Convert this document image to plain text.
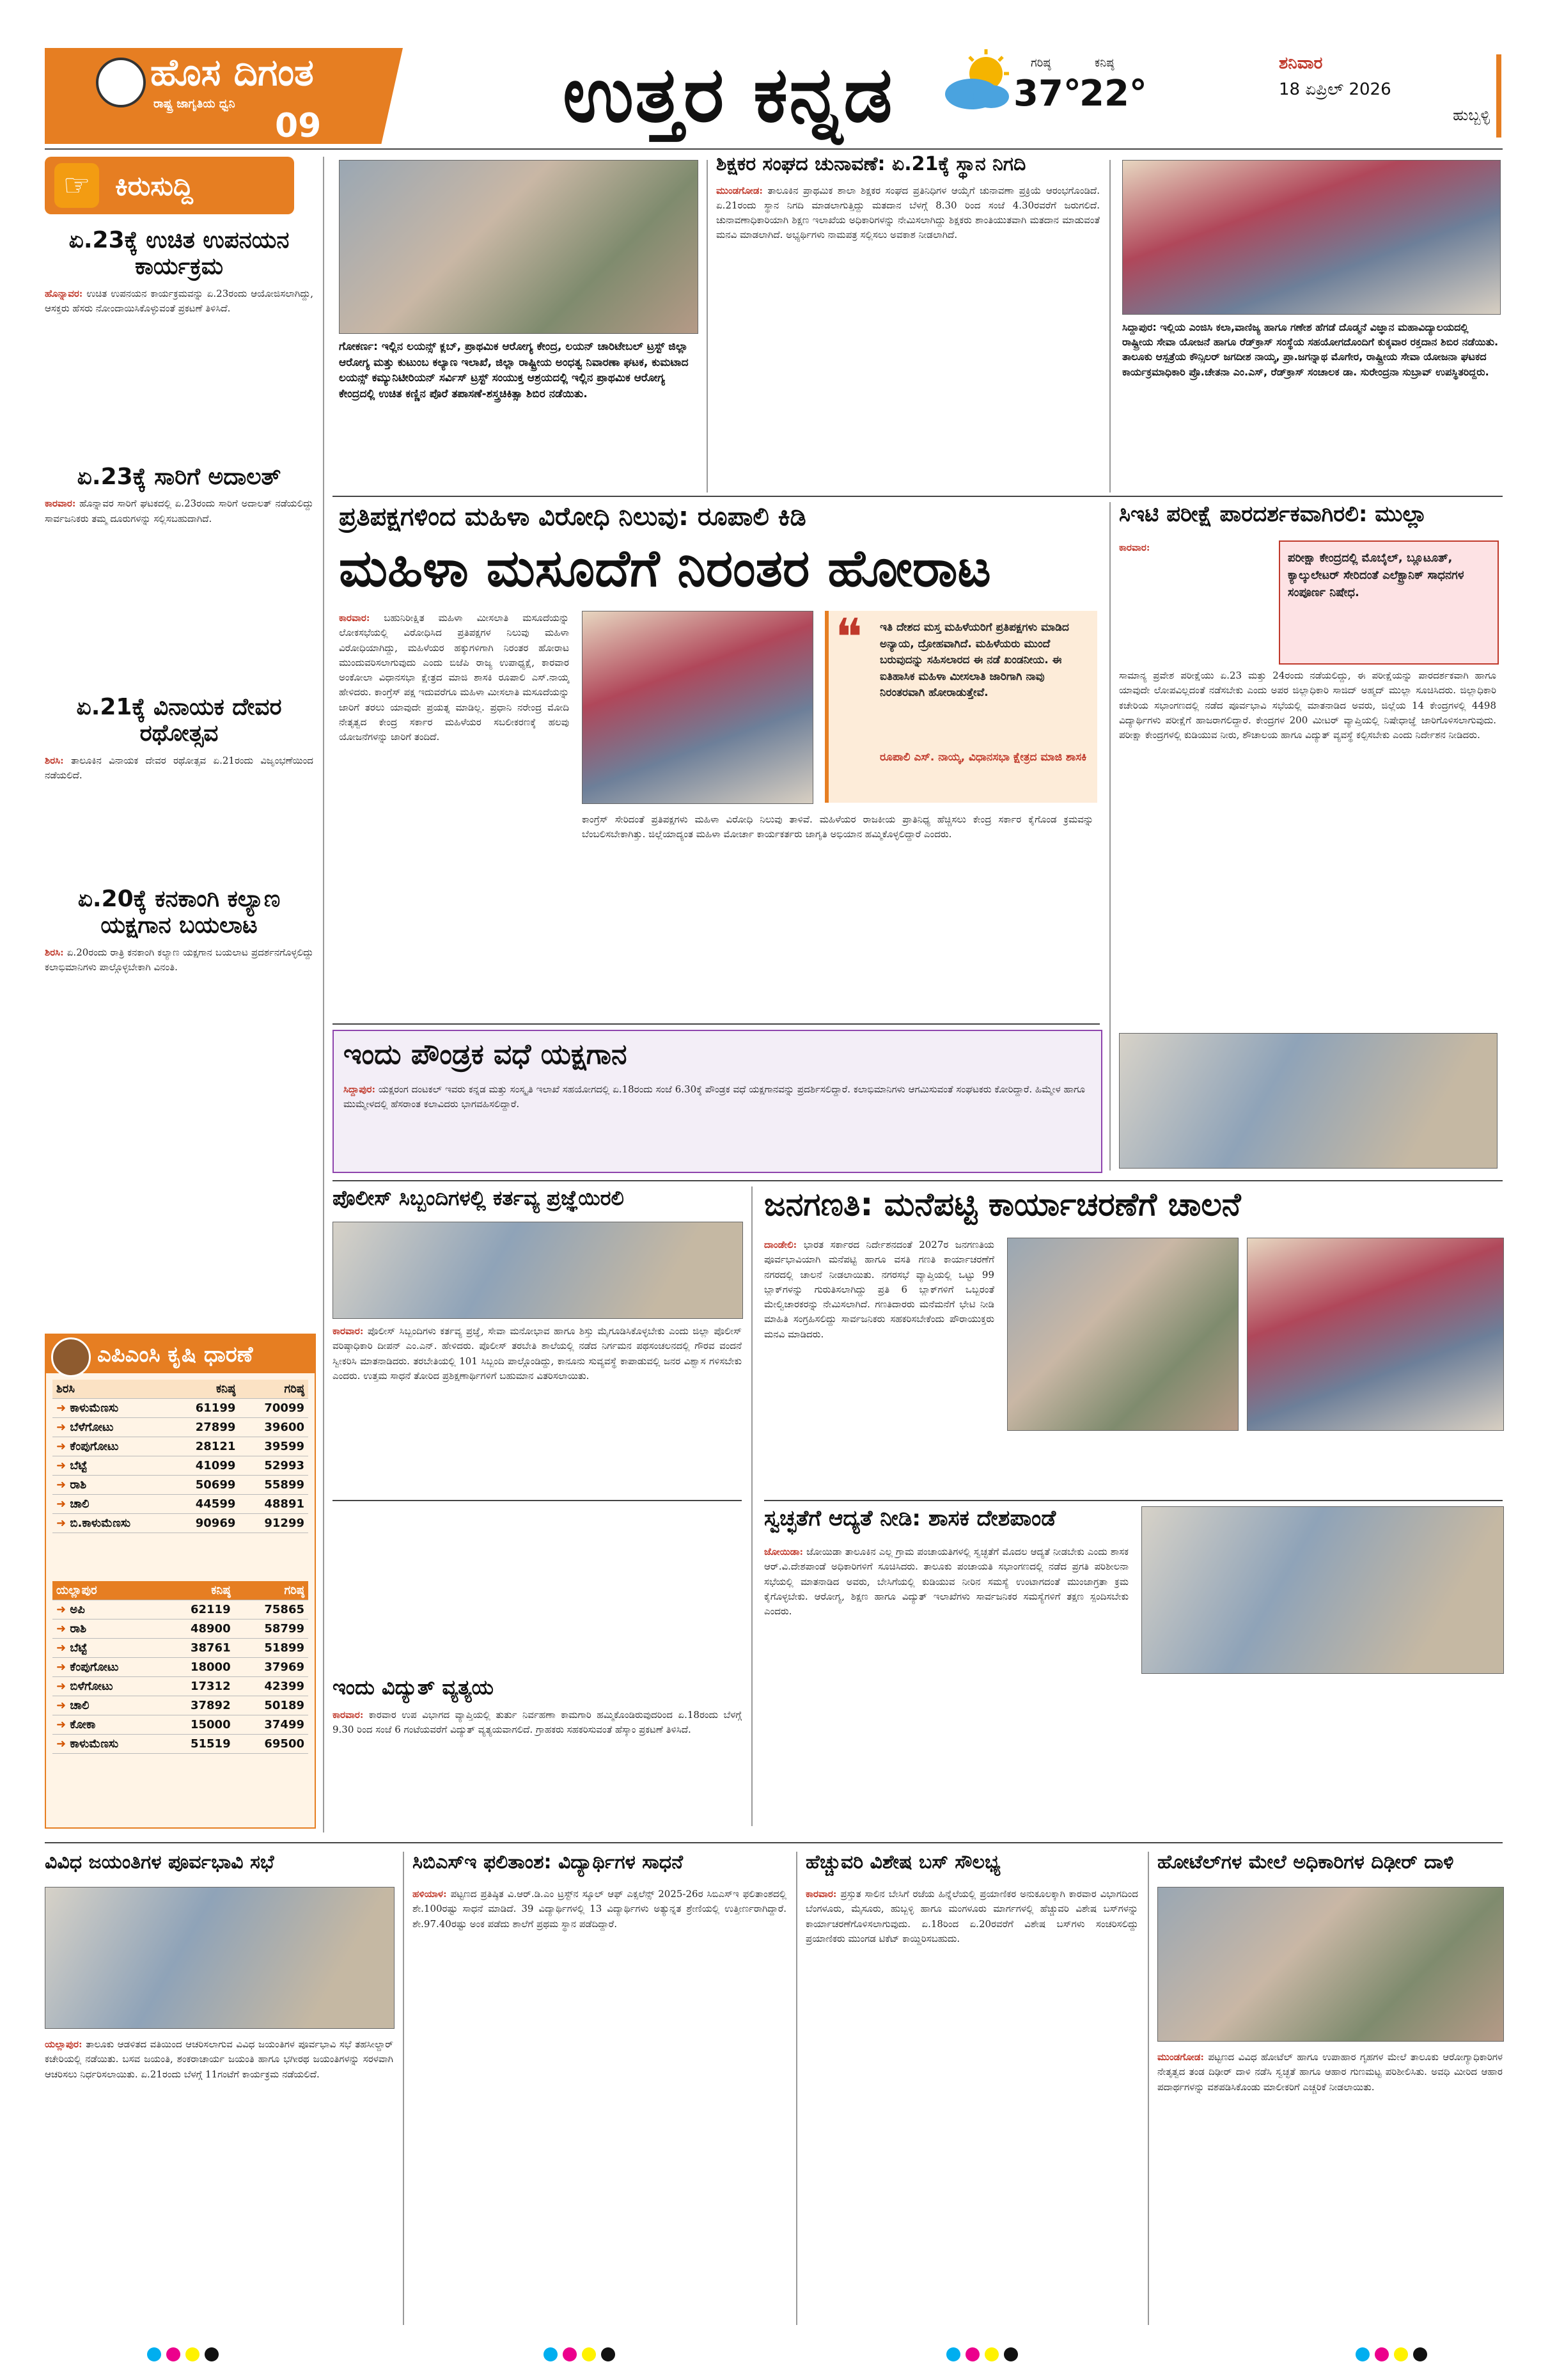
ಹೊಸ ದಿಗಂತ
ರಾಷ್ಟ್ರ ಜಾಗೃತಿಯ ಧ್ವನಿ
09	ಉತ್ತರ ಕನ್ನಡ	ಗರಿಷ್ಠ
37°
ಕನಿಷ್ಠ
22°
ಶನಿವಾರ
18 ಏಪ್ರಿಲ್ 2026
ಹುಬ್ಬಳ್ಳಿ
☞ ಕಿರುಸುದ್ದಿ
ಏ.23ಕ್ಕೆ ಉಚಿತ ಉಪನಯನ ಕಾರ್ಯಕ್ರಮ
ಹೊನ್ನಾವರ: ಉಚಿತ ಉಪನಯನ ಕಾರ್ಯಕ್ರಮವನ್ನು ಏ.23ರಂದು ಆಯೋಜಿಸಲಾಗಿದ್ದು, ಆಸಕ್ತರು ಹೆಸರು ನೋಂದಾಯಿಸಿಕೊಳ್ಳುವಂತೆ ಪ್ರಕಟಣೆ ತಿಳಿಸಿದೆ.
ಏ.23ಕ್ಕೆ ಸಾರಿಗೆ ಅದಾಲತ್
ಕಾರವಾರ: ಹೊನ್ನಾವರ ಸಾರಿಗೆ ಘಟಕದಲ್ಲಿ ಏ.23ರಂದು ಸಾರಿಗೆ ಅದಾಲತ್ ನಡೆಯಲಿದ್ದು ಸಾರ್ವಜನಿಕರು ತಮ್ಮ ದೂರುಗಳನ್ನು ಸಲ್ಲಿಸಬಹುದಾಗಿದೆ.
ಏ.21ಕ್ಕೆ ವಿನಾಯಕ ದೇವರ ರಥೋತ್ಸವ
ಶಿರಸಿ: ತಾಲೂಕಿನ ವಿನಾಯಕ ದೇವರ ರಥೋತ್ಸವ ಏ.21ರಂದು ವಿಜೃಂಭಣೆಯಿಂದ ನಡೆಯಲಿದೆ.
ಏ.20ಕ್ಕೆ ಕನಕಾಂಗಿ ಕಲ್ಯಾಣ ಯಕ್ಷಗಾನ ಬಯಲಾಟ
ಶಿರಸಿ: ಏ.20ರಂದು ರಾತ್ರಿ ಕನಕಾಂಗಿ ಕಲ್ಯಾಣ ಯಕ್ಷಗಾನ ಬಯಲಾಟ ಪ್ರದರ್ಶನಗೊಳ್ಳಲಿದ್ದು ಕಲಾಭಿಮಾನಿಗಳು ಪಾಲ್ಗೊಳ್ಳಬೇಕಾಗಿ ವಿನಂತಿ.
ಎಪಿಎಂಸಿ ಕೃಷಿ ಧಾರಣೆ
ಶಿರಸಿ	ಕನಿಷ್ಠ	ಗರಿಷ್ಠ
➜ ಕಾಳುಮೆಣಸು	61199	70099
➜ ಬೆಳೆಗೋಟು	27899	39600
➜ ಕೆಂಪುಗೋಟು	28121	39599
➜ ಬೆಟ್ಟೆ	41099	52993
➜ ರಾಶಿ	50699	55899
➜ ಚಾಲಿ	44599	48891
➜ ಬಿ.ಕಾಳುಮೆಣಸು	90969	91299
ಯಲ್ಲಾಪುರ	ಕನಿಷ್ಠ	ಗರಿಷ್ಠ
➜ ಅಪಿ	62119	75865
➜ ರಾಶಿ	48900	58799
➜ ಬೆಟ್ಟೆ	38761	51899
➜ ಕೆಂಪುಗೋಟು	18000	37969
➜ ಬಿಳೆಗೋಟು	17312	42399
➜ ಚಾಲಿ	37892	50189
➜ ಕೋಕಾ	15000	37499
➜ ಕಾಳುಮೆಣಸು	51519	69500
ಗೋಕರ್ಣ: ಇಲ್ಲಿನ ಲಯನ್ಸ್ ಕ್ಲಬ್, ಪ್ರಾಥಮಿಕ ಆರೋಗ್ಯ ಕೇಂದ್ರ, ಲಯನ್ ಚಾರಿಟೇಬಲ್ ಟ್ರಸ್ಟ್ ಜಿಲ್ಲಾ ಆರೋಗ್ಯ ಮತ್ತು ಕುಟುಂಬ ಕಲ್ಯಾಣ ಇಲಾಖೆ, ಜಿಲ್ಲಾ ರಾಷ್ಟ್ರೀಯ ಅಂಧತ್ವ ನಿವಾರಣಾ ಘಟಕ, ಕುಮಟಾದ ಲಯನ್ಸ್ ಕಮ್ಯುನಿಟೀರಿಯನ್ ಸರ್ವಿಸ್ ಟ್ರಸ್ಟ್ ಸಂಯುಕ್ತ ಆಶ್ರಯದಲ್ಲಿ ಇಲ್ಲಿನ ಪ್ರಾಥಮಿಕ ಆರೋಗ್ಯ ಕೇಂದ್ರದಲ್ಲಿ ಉಚಿತ ಕಣ್ಣಿನ ಪೊರೆ ತಪಾಸಣೆ-ಶಸ್ತ್ರಚಿಕಿತ್ಸಾ ಶಿಬಿರ ನಡೆಯಿತು.
ಶಿಕ್ಷಕರ ಸಂಘದ ಚುನಾವಣೆ: ಏ.21ಕ್ಕೆ ಸ್ಥಾನ ನಿಗದಿ
ಮುಂಡಗೋಡ: ತಾಲೂಕಿನ ಪ್ರಾಥಮಿಕ ಶಾಲಾ ಶಿಕ್ಷಕರ ಸಂಘದ ಪ್ರತಿನಿಧಿಗಳ ಆಯ್ಕೆಗೆ ಚುನಾವಣಾ ಪ್ರಕ್ರಿಯೆ ಆರಂಭಗೊಂಡಿದೆ. ಏ.21ರಂದು ಸ್ಥಾನ ನಿಗದಿ ಮಾಡಲಾಗುತ್ತಿದ್ದು ಮತದಾನ ಬೆಳಗ್ಗೆ 8.30 ರಿಂದ ಸಂಜೆ 4.30ರವರೆಗೆ ಜರುಗಲಿದೆ. ಚುನಾವಣಾಧಿಕಾರಿಯಾಗಿ ಶಿಕ್ಷಣ ಇಲಾಖೆಯ ಅಧಿಕಾರಿಗಳನ್ನು ನೇಮಿಸಲಾಗಿದ್ದು ಶಿಕ್ಷಕರು ಶಾಂತಿಯುತವಾಗಿ ಮತದಾನ ಮಾಡುವಂತೆ ಮನವಿ ಮಾಡಲಾಗಿದೆ. ಅಭ್ಯರ್ಥಿಗಳು ನಾಮಪತ್ರ ಸಲ್ಲಿಸಲು ಅವಕಾಶ ನೀಡಲಾಗಿದೆ.
ಸಿದ್ದಾಪುರ: ಇಲ್ಲಿಯ ಎಂಜಿಸಿ ಕಲಾ,ವಾಣಿಜ್ಯ ಹಾಗೂ ಗಣೇಶ ಹೆಗಡೆ ದೊಡ್ಮನೆ ವಿಜ್ಞಾನ ಮಹಾವಿದ್ಯಾಲಯದಲ್ಲಿ ರಾಷ್ಟ್ರೀಯ ಸೇವಾ ಯೋಜನೆ ಹಾಗೂ ರೆಡ್‌ಕ್ರಾಸ್ ಸಂಸ್ಥೆಯ ಸಹಯೋಗದೊಂದಿಗೆ ಕುಕ್ಕವಾರ ರಕ್ತದಾನ ಶಿಬಿರ ನಡೆಯಿತು. ತಾಲೂಕು ಆಸ್ಪತ್ರೆಯ ಕೌನ್ಸಿಲರ್ ಜಗದೀಶ ನಾಯ್ಕ, ಪ್ರಾ.ಜಗನ್ನಾಥ ಮೊಗೇರ, ರಾಷ್ಟ್ರೀಯ ಸೇವಾ ಯೋಜನಾ ಘಟಕದ ಕಾರ್ಯಕ್ರಮಾಧಿಕಾರಿ ಪ್ರೊ.ಚೇತನಾ ಎಂ.ಎಸ್, ರೆಡ್‌ಕ್ರಾಸ್ ಸಂಚಾಲಕ ಡಾ. ಸುರೇಂದ್ರನಾ ಸುಬ್ರಾವ್ ಉಪಸ್ಥಿತರಿದ್ದರು.
ಪ್ರತಿಪಕ್ಷಗಳಿಂದ ಮಹಿಳಾ ವಿರೋಧಿ ನಿಲುವು: ರೂಪಾಲಿ ಕಿಡಿ
ಮಹಿಳಾ ಮಸೂದೆಗೆ ನಿರಂತರ ಹೋರಾಟ
ಕಾರವಾರ: ಬಹುನಿರೀಕ್ಷಿತ ಮಹಿಳಾ ಮೀಸಲಾತಿ ಮಸೂದೆಯನ್ನು ಲೋಕಸಭೆಯಲ್ಲಿ ವಿರೋಧಿಸಿದ ಪ್ರತಿಪಕ್ಷಗಳ ನಿಲುವು ಮಹಿಳಾ ವಿರೋಧಿಯಾಗಿದ್ದು, ಮಹಿಳೆಯರ ಹಕ್ಕುಗಳಿಗಾಗಿ ನಿರಂತರ ಹೋರಾಟ ಮುಂದುವರಿಸಲಾಗುವುದು ಎಂದು ಬಿಜೆಪಿ ರಾಜ್ಯ ಉಪಾಧ್ಯಕ್ಷೆ, ಕಾರವಾರ ಅಂಕೋಲಾ ವಿಧಾನಸಭಾ ಕ್ಷೇತ್ರದ ಮಾಜಿ ಶಾಸಕಿ ರೂಪಾಲಿ ಎಸ್.ನಾಯ್ಕ ಹೇಳಿದರು. ಕಾಂಗ್ರೆಸ್ ಪಕ್ಷ ಇದುವರೆಗೂ ಮಹಿಳಾ ಮೀಸಲಾತಿ ಮಸೂದೆಯನ್ನು ಜಾರಿಗೆ ತರಲು ಯಾವುದೇ ಪ್ರಯತ್ನ ಮಾಡಿಲ್ಲ. ಪ್ರಧಾನಿ ನರೇಂದ್ರ ಮೋದಿ ನೇತೃತ್ವದ ಕೇಂದ್ರ ಸರ್ಕಾರ ಮಹಿಳೆಯರ ಸಬಲೀಕರಣಕ್ಕೆ ಹಲವು ಯೋಜನೆಗಳನ್ನು ಜಾರಿಗೆ ತಂದಿದೆ.
❝ ಇತಿ ದೇಶದ ಮಸ್ತ ಮಹಿಳೆಯರಿಗೆ ಪ್ರತಿಪಕ್ಷಗಳು ಮಾಡಿದ ಅನ್ಯಾಯ, ದ್ರೋಹವಾಗಿದೆ. ಮಹಿಳೆಯರು ಮುಂದೆ ಬರುವುದನ್ನು ಸಹಿಸಲಾರದ ಈ ನಡೆ ಖಂಡನೀಯ. ಈ ಐತಿಹಾಸಿಕ ಮಹಿಳಾ ಮೀಸಲಾತಿ ಜಾರಿಗಾಗಿ ನಾವು ನಿರಂತರವಾಗಿ ಹೋರಾಡುತ್ತೇವೆ.
ರೂಪಾಲಿ ಎಸ್. ನಾಯ್ಕ, ವಿಧಾನಸಭಾ ಕ್ಷೇತ್ರದ ಮಾಜಿ ಶಾಸಕಿ
ಕಾಂಗ್ರೆಸ್ ಸೇರಿದಂತೆ ಪ್ರತಿಪಕ್ಷಗಳು ಮಹಿಳಾ ವಿರೋಧಿ ನಿಲುವು ತಾಳಿವೆ. ಮಹಿಳೆಯರ ರಾಜಕೀಯ ಪ್ರಾತಿನಿಧ್ಯ ಹೆಚ್ಚಿಸಲು ಕೇಂದ್ರ ಸರ್ಕಾರ ಕೈಗೊಂಡ ಕ್ರಮವನ್ನು ಬೆಂಬಲಿಸಬೇಕಾಗಿತ್ತು. ಜಿಲ್ಲೆಯಾದ್ಯಂತ ಮಹಿಳಾ ಮೋರ್ಚಾ ಕಾರ್ಯಕರ್ತರು ಜಾಗೃತಿ ಅಭಿಯಾನ ಹಮ್ಮಿಕೊಳ್ಳಲಿದ್ದಾರೆ ಎಂದರು.
ಇಂದು ಪೌಂಡ್ರಕ ವಧೆ ಯಕ್ಷಗಾನ
ಸಿದ್ದಾಪುರ: ಯಕ್ಷರಂಗ ದಂಟಕಲ್ ಇವರು ಕನ್ನಡ ಮತ್ತು ಸಂಸ್ಕೃತಿ ಇಲಾಖೆ ಸಹಯೋಗದಲ್ಲಿ ಏ.18ರಂದು ಸಂಜೆ 6.30ಕ್ಕೆ ಪೌಂಡ್ರಕ ವಧೆ ಯಕ್ಷಗಾನವನ್ನು ಪ್ರದರ್ಶಿಸಲಿದ್ದಾರೆ. ಕಲಾಭಿಮಾನಿಗಳು ಆಗಮಿಸುವಂತೆ ಸಂಘಟಕರು ಕೋರಿದ್ದಾರೆ. ಹಿಮ್ಮೇಳ ಹಾಗೂ ಮುಮ್ಮೇಳದಲ್ಲಿ ಹೆಸರಾಂತ ಕಲಾವಿದರು ಭಾಗವಹಿಸಲಿದ್ದಾರೆ.
ಸಿಇಟಿ ಪರೀಕ್ಷೆ ಪಾರದರ್ಶಕವಾಗಿರಲಿ: ಮುಲ್ಲಾ
ಪರೀಕ್ಷಾ ಕೇಂದ್ರದಲ್ಲಿ ಮೊಬೈಲ್, ಬ್ಲೂಟೂತ್, ಕ್ಯಾಲ್ಕುಲೇಟರ್ ಸೇರಿದಂತೆ ಎಲೆಕ್ಟ್ರಾನಿಕ್ ಸಾಧನಗಳ ಸಂಪೂರ್ಣ ನಿಷೇಧ.
ಕಾರವಾರ:
ಸಾಮಾನ್ಯ ಪ್ರವೇಶ ಪರೀಕ್ಷೆಯು ಏ.23 ಮತ್ತು 24ರಂದು ನಡೆಯಲಿದ್ದು, ಈ ಪರೀಕ್ಷೆಯನ್ನು ಪಾರದರ್ಶಕವಾಗಿ ಹಾಗೂ ಯಾವುದೇ ಲೋಪವಿಲ್ಲದಂತೆ ನಡೆಸಬೇಕು ಎಂದು ಅಪರ ಜಿಲ್ಲಾಧಿಕಾರಿ ಸಾಜಿದ್ ಅಹ್ಮದ್ ಮುಲ್ಲಾ ಸೂಚಿಸಿದರು. ಜಿಲ್ಲಾಧಿಕಾರಿ ಕಚೇರಿಯ ಸಭಾಂಗಣದಲ್ಲಿ ನಡೆದ ಪೂರ್ವಭಾವಿ ಸಭೆಯಲ್ಲಿ ಮಾತನಾಡಿದ ಅವರು, ಜಿಲ್ಲೆಯ 14 ಕೇಂದ್ರಗಳಲ್ಲಿ 4498 ವಿದ್ಯಾರ್ಥಿಗಳು ಪರೀಕ್ಷೆಗೆ ಹಾಜರಾಗಲಿದ್ದಾರೆ. ಕೇಂದ್ರಗಳ 200 ಮೀಟರ್ ವ್ಯಾಪ್ತಿಯಲ್ಲಿ ನಿಷೇಧಾಜ್ಞೆ ಜಾರಿಗೊಳಿಸಲಾಗುವುದು. ಪರೀಕ್ಷಾ ಕೇಂದ್ರಗಳಲ್ಲಿ ಕುಡಿಯುವ ನೀರು, ಶೌಚಾಲಯ ಹಾಗೂ ವಿದ್ಯುತ್ ವ್ಯವಸ್ಥೆ ಕಲ್ಪಿಸಬೇಕು ಎಂದು ನಿರ್ದೇಶನ ನೀಡಿದರು.
ಪೊಲೀಸ್ ಸಿಬ್ಬಂದಿಗಳಲ್ಲಿ ಕರ್ತವ್ಯ ಪ್ರಜ್ಞೆಯಿರಲಿ
ಕಾರವಾರ: ಪೊಲೀಸ್ ಸಿಬ್ಬಂದಿಗಳು ಕರ್ತವ್ಯ ಪ್ರಜ್ಞೆ, ಸೇವಾ ಮನೋಭಾವ ಹಾಗೂ ಶಿಸ್ತು ಮೈಗೂಡಿಸಿಕೊಳ್ಳಬೇಕು ಎಂದು ಜಿಲ್ಲಾ ಪೊಲೀಸ್ ವರಿಷ್ಠಾಧಿಕಾರಿ ದೀಪನ್ ಎಂ.ಎನ್. ಹೇಳಿದರು. ಪೊಲೀಸ್ ತರಬೇತಿ ಶಾಲೆಯಲ್ಲಿ ನಡೆದ ನಿರ್ಗಮನ ಪಥಸಂಚಲನದಲ್ಲಿ ಗೌರವ ವಂದನೆ ಸ್ವೀಕರಿಸಿ ಮಾತನಾಡಿದರು. ತರಬೇತಿಯಲ್ಲಿ 101 ಸಿಬ್ಬಂದಿ ಪಾಲ್ಗೊಂಡಿದ್ದು, ಕಾನೂನು ಸುವ್ಯವಸ್ಥೆ ಕಾಪಾಡುವಲ್ಲಿ ಜನರ ವಿಶ್ವಾಸ ಗಳಿಸಬೇಕು ಎಂದರು. ಉತ್ತಮ ಸಾಧನೆ ತೋರಿದ ಪ್ರಶಿಕ್ಷಣಾರ್ಥಿಗಳಿಗೆ ಬಹುಮಾನ ವಿತರಿಸಲಾಯಿತು.
ಜನಗಣತಿ: ಮನೆಪಟ್ಟಿ ಕಾರ್ಯಾಚರಣೆಗೆ ಚಾಲನೆ
ದಾಂಡೇಲಿ: ಭಾರತ ಸರ್ಕಾರದ ನಿರ್ದೇಶನದಂತೆ 2027ರ ಜನಗಣತಿಯ ಪೂರ್ವಭಾವಿಯಾಗಿ ಮನೆಪಟ್ಟಿ ಹಾಗೂ ವಸತಿ ಗಣತಿ ಕಾರ್ಯಾಚರಣೆಗೆ ನಗರದಲ್ಲಿ ಚಾಲನೆ ನೀಡಲಾಯಿತು. ನಗರಸಭೆ ವ್ಯಾಪ್ತಿಯಲ್ಲಿ ಒಟ್ಟು 99 ಬ್ಲಾಕ್‌ಗಳನ್ನು ಗುರುತಿಸಲಾಗಿದ್ದು ಪ್ರತಿ 6 ಬ್ಲಾಕ್‌ಗಳಿಗೆ ಒಬ್ಬರಂತೆ ಮೇಲ್ವಿಚಾರಕರನ್ನು ನೇಮಿಸಲಾಗಿದೆ. ಗಣತಿದಾರರು ಮನೆಮನೆಗೆ ಭೇಟಿ ನೀಡಿ ಮಾಹಿತಿ ಸಂಗ್ರಹಿಸಲಿದ್ದು ಸಾರ್ವಜನಿಕರು ಸಹಕರಿಸಬೇಕೆಂದು ಪೌರಾಯುಕ್ತರು ಮನವಿ ಮಾಡಿದರು.
ಸ್ವಚ್ಛತೆಗೆ ಆದ್ಯತೆ ನೀಡಿ: ಶಾಸಕ ದೇಶಪಾಂಡೆ
ಜೋಯಿಡಾ: ಜೋಯಿಡಾ ತಾಲೂಕಿನ ಎಲ್ಲ ಗ್ರಾಮ ಪಂಚಾಯತಿಗಳಲ್ಲಿ ಸ್ವಚ್ಛತೆಗೆ ಮೊದಲ ಆದ್ಯತೆ ನೀಡಬೇಕು ಎಂದು ಶಾಸಕ ಆರ್.ವಿ.ದೇಶಪಾಂಡೆ ಅಧಿಕಾರಿಗಳಿಗೆ ಸೂಚಿಸಿದರು. ತಾಲೂಕು ಪಂಚಾಯತಿ ಸಭಾಂಗಣದಲ್ಲಿ ನಡೆದ ಪ್ರಗತಿ ಪರಿಶೀಲನಾ ಸಭೆಯಲ್ಲಿ ಮಾತನಾಡಿದ ಅವರು, ಬೇಸಿಗೆಯಲ್ಲಿ ಕುಡಿಯುವ ನೀರಿನ ಸಮಸ್ಯೆ ಉಂಟಾಗದಂತೆ ಮುಂಜಾಗ್ರತಾ ಕ್ರಮ ಕೈಗೊಳ್ಳಬೇಕು. ಆರೋಗ್ಯ, ಶಿಕ್ಷಣ ಹಾಗೂ ವಿದ್ಯುತ್ ಇಲಾಖೆಗಳು ಸಾರ್ವಜನಿಕರ ಸಮಸ್ಯೆಗಳಿಗೆ ತಕ್ಷಣ ಸ್ಪಂದಿಸಬೇಕು ಎಂದರು.
ಇಂದು ವಿದ್ಯುತ್ ವ್ಯತ್ಯಯ
ಕಾರವಾರ: ಕಾರವಾರ ಉಪ ವಿಭಾಗದ ವ್ಯಾಪ್ತಿಯಲ್ಲಿ ತುರ್ತು ನಿರ್ವಹಣಾ ಕಾಮಗಾರಿ ಹಮ್ಮಿಕೊಂಡಿರುವುದರಿಂದ ಏ.18ರಂದು ಬೆಳಗ್ಗೆ 9.30 ರಿಂದ ಸಂಜೆ 6 ಗಂಟೆಯವರೆಗೆ ವಿದ್ಯುತ್ ವ್ಯತ್ಯಯವಾಗಲಿದೆ. ಗ್ರಾಹಕರು ಸಹಕರಿಸುವಂತೆ ಹೆಸ್ಕಾಂ ಪ್ರಕಟಣೆ ತಿಳಿಸಿದೆ.
ವಿವಿಧ ಜಯಂತಿಗಳ ಪೂರ್ವಭಾವಿ ಸಭೆ
ಯಲ್ಲಾಪುರ: ತಾಲೂಕು ಆಡಳಿತದ ವತಿಯಿಂದ ಆಚರಿಸಲಾಗುವ ವಿವಿಧ ಜಯಂತಿಗಳ ಪೂರ್ವಭಾವಿ ಸಭೆ ತಹಸೀಲ್ದಾರ್ ಕಚೇರಿಯಲ್ಲಿ ನಡೆಯಿತು. ಬಸವ ಜಯಂತಿ, ಶಂಕರಾಚಾರ್ಯ ಜಯಂತಿ ಹಾಗೂ ಭಗೀರಥ ಜಯಂತಿಗಳನ್ನು ಸರಳವಾಗಿ ಆಚರಿಸಲು ನಿರ್ಧರಿಸಲಾಯಿತು. ಏ.21ರಂದು ಬೆಳಗ್ಗೆ 11ಗಂಟೆಗೆ ಕಾರ್ಯಕ್ರಮ ನಡೆಯಲಿದೆ.
ಸಿಬಿಎಸ್‌ಇ ಫಲಿತಾಂಶ: ವಿದ್ಯಾರ್ಥಿಗಳ ಸಾಧನೆ
ಹಳಿಯಾಳ: ಪಟ್ಟಣದ ಪ್ರತಿಷ್ಠಿತ ವಿ.ಆರ್.ಡಿ.ಎಂ ಟ್ರಸ್ಟ್‌ನ ಸ್ಕೂಲ್ ಆಫ್ ಎಕ್ಸಲೆನ್ಸ್ 2025-26ರ ಸಿಬಿಎಸ್‌ಇ ಫಲಿತಾಂಶದಲ್ಲಿ ಶೇ.100ರಷ್ಟು ಸಾಧನೆ ಮಾಡಿದೆ. 39 ವಿದ್ಯಾರ್ಥಿಗಳಲ್ಲಿ 13 ವಿದ್ಯಾರ್ಥಿಗಳು ಅತ್ಯುನ್ನತ ಶ್ರೇಣಿಯಲ್ಲಿ ಉತ್ತೀರ್ಣರಾಗಿದ್ದಾರೆ. ಶೇ.97.40ರಷ್ಟು ಅಂಕ ಪಡೆದು ಶಾಲೆಗೆ ಪ್ರಥಮ ಸ್ಥಾನ ಪಡೆದಿದ್ದಾರೆ.
ಹೆಚ್ಚುವರಿ ವಿಶೇಷ ಬಸ್ ಸೌಲಭ್ಯ
ಕಾರವಾರ: ಪ್ರಸ್ತುತ ಸಾಲಿನ ಬೇಸಿಗೆ ರಜೆಯ ಹಿನ್ನೆಲೆಯಲ್ಲಿ ಪ್ರಯಾಣಿಕರ ಅನುಕೂಲಕ್ಕಾಗಿ ಕಾರವಾರ ವಿಭಾಗದಿಂದ ಬೆಂಗಳೂರು, ಮೈಸೂರು, ಹುಬ್ಬಳ್ಳಿ ಹಾಗೂ ಮಂಗಳೂರು ಮಾರ್ಗಗಳಲ್ಲಿ ಹೆಚ್ಚುವರಿ ವಿಶೇಷ ಬಸ್‌ಗಳನ್ನು ಕಾರ್ಯಾಚರಣೆಗೊಳಿಸಲಾಗುವುದು. ಏ.18ರಿಂದ ಏ.20ರವರೆಗೆ ವಿಶೇಷ ಬಸ್‌ಗಳು ಸಂಚರಿಸಲಿದ್ದು ಪ್ರಯಾಣಿಕರು ಮುಂಗಡ ಟಿಕೆಟ್ ಕಾಯ್ದಿರಿಸಬಹುದು.
ಹೋಟೆಲ್‌ಗಳ ಮೇಲೆ ಅಧಿಕಾರಿಗಳ ದಿಢೀರ್ ದಾಳಿ
ಮುಂಡಗೋಡ: ಪಟ್ಟಣದ ವಿವಿಧ ಹೋಟೆಲ್ ಹಾಗೂ ಉಪಾಹಾರ ಗೃಹಗಳ ಮೇಲೆ ತಾಲೂಕು ಆರೋಗ್ಯಾಧಿಕಾರಿಗಳ ನೇತೃತ್ವದ ತಂಡ ದಿಢೀರ್ ದಾಳಿ ನಡೆಸಿ ಸ್ವಚ್ಛತೆ ಹಾಗೂ ಆಹಾರ ಗುಣಮಟ್ಟ ಪರಿಶೀಲಿಸಿತು. ಅವಧಿ ಮೀರಿದ ಆಹಾರ ಪದಾರ್ಥಗಳನ್ನು ವಶಪಡಿಸಿಕೊಂಡು ಮಾಲೀಕರಿಗೆ ಎಚ್ಚರಿಕೆ ನೀಡಲಾಯಿತು.
